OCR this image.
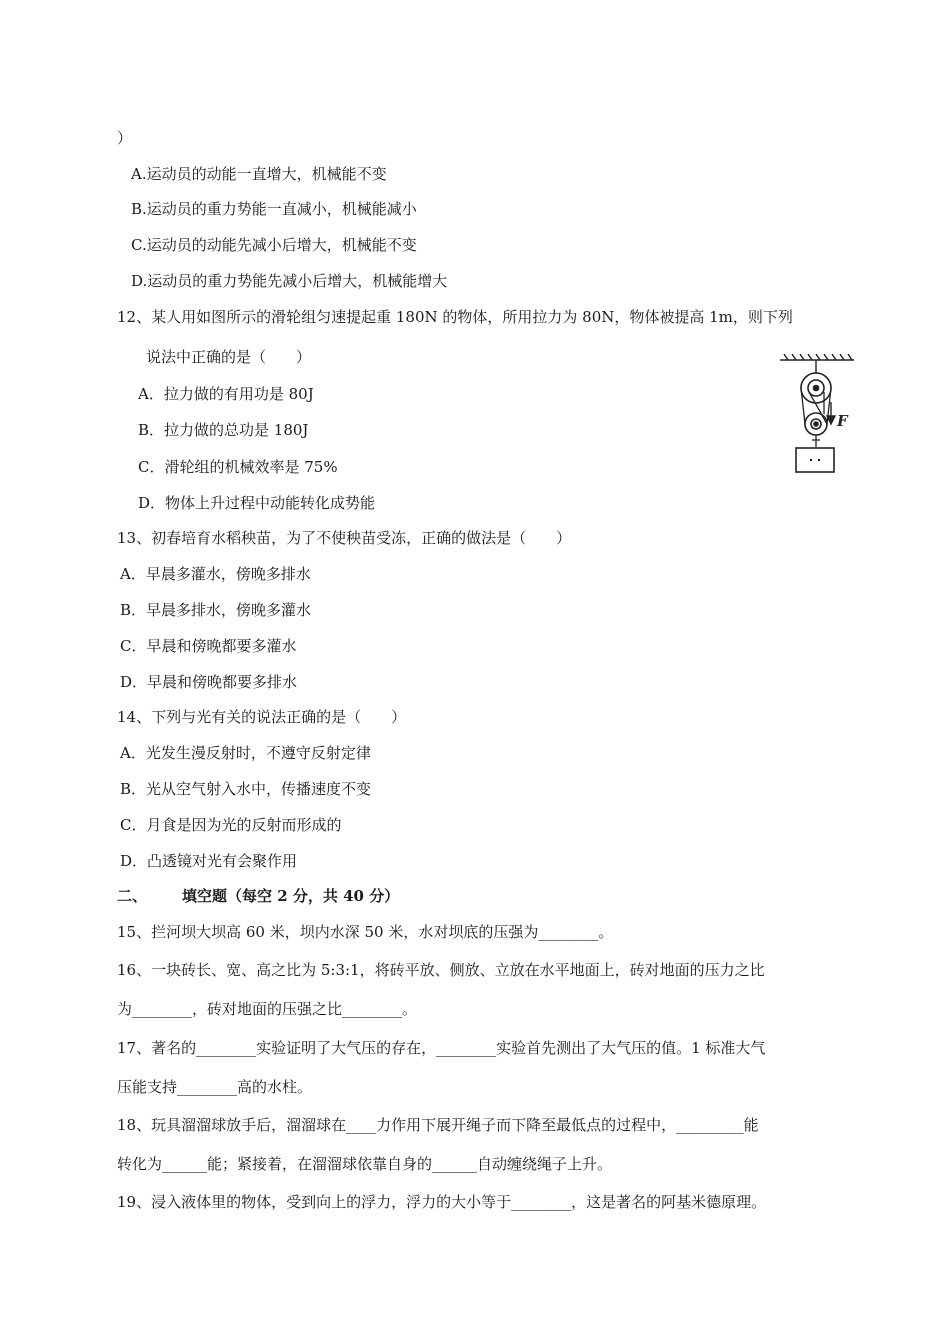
）
A.运动员的动能一直增大，机械能不变
B.运动员的重力势能一直减小，机械能减小
C.运动员的动能先减小后增大，机械能不变
D.运动员的重力势能先减小后增大，机械能增大
12、某人用如图所示的滑轮组匀速提起重 180N 的物体，所用拉力为 80N，物体被提高 1m，则下列
说法中正确的是（　　）
A．拉力做的有用功是 80J
B．拉力做的总功是 180J
C．滑轮组的机械效率是 75%
D．物体上升过程中动能转化成势能
F
13、初春培育水稻秧苗，为了不使秧苗受冻，正确的做法是（　　）
A．早晨多灌水，傍晚多排水
B．早晨多排水，傍晚多灌水
C．早晨和傍晚都要多灌水
D．早晨和傍晚都要多排水
14、下列与光有关的说法正确的是（　　）
A．光发生漫反射时，不遵守反射定律
B．光从空气射入水中，传播速度不变
C．月食是因为光的反射而形成的
D．凸透镜对光有会聚作用
二、 填空题（每空 2 分，共 40 分）
15、拦河坝大坝高 60 米，坝内水深 50 米，水对坝底的压强为________。
16、一块砖长、宽、高之比为 5:3:1，将砖平放、侧放、立放在水平地面上，砖对地面的压力之比
为________，砖对地面的压强之比________。
17、著名的________实验证明了大气压的存在，________实验首先测出了大气压的值。1 标准大气
压能支持________高的水柱。
18、玩具溜溜球放手后，溜溜球在____力作用下展开绳子而下降至最低点的过程中，_________能
转化为______能；紧接着，在溜溜球依靠自身的______自动缠绕绳子上升。
19、浸入液体里的物体，受到向上的浮力，浮力的大小等于________，这是著名的阿基米德原理。
